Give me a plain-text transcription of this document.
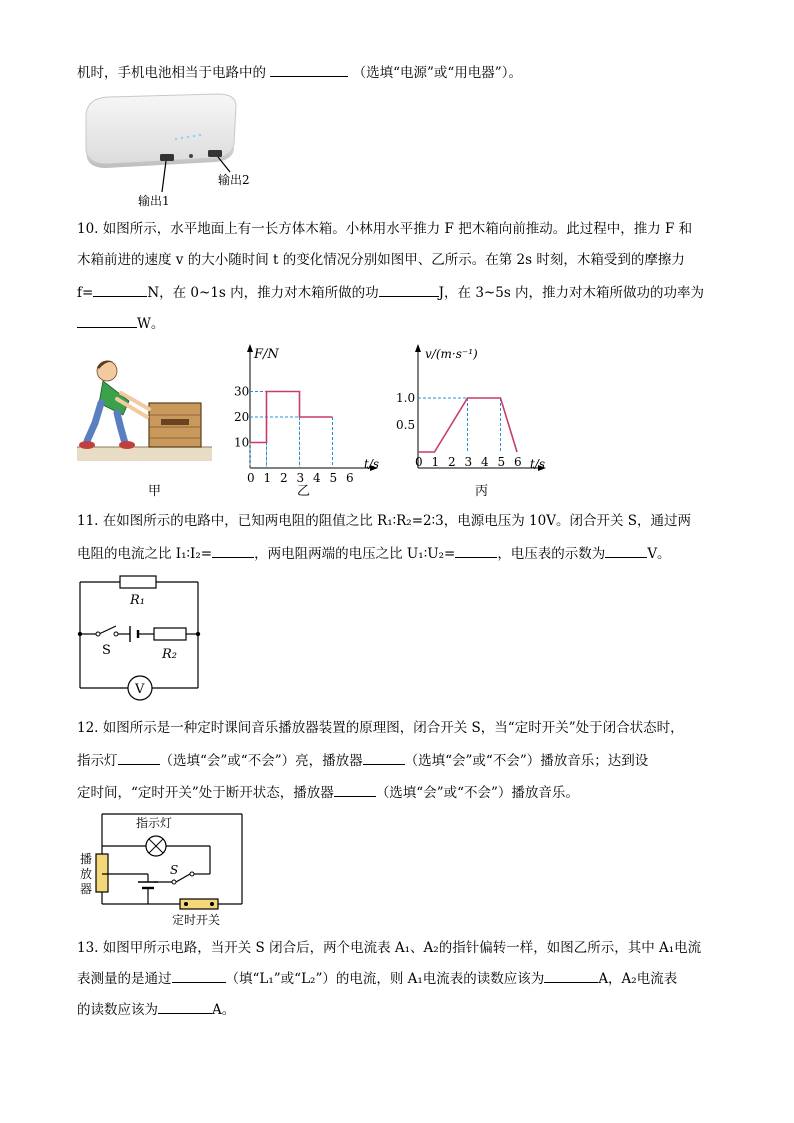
机时，手机电池相当于电路中的	（选填“电源”或“用电器”）。
输出1
输出2
10. 如图所示，水平地面上有一长方体木箱。小林用水平推力 F 把木箱向前推动。此过程中，推力 F 和
木箱前进的速度 v 的大小随时间 t 的变化情况分别如图甲、乙所示。在第 2s 时刻，木箱受到的摩擦力
f=	N，在 0~1s 内，推力对木箱所做的功	J，在 3~5s 内，推力对木箱所做功的功率为
W。
F/N
t/s
0 1 2 3 4 5 6
10
20
30
v/(m·s⁻¹)
t/s
0 1 2 3 4 5 6
0.5
1.0
甲	乙	丙
11. 在如图所示的电路中，已知两电阻的阻值之比 R₁∶R₂=2∶3，电源电压为 10V。闭合开关 S，通过两
电阻的电流之比 I₁∶I₂=	，两电阻两端的电压之比 U₁∶U₂=	，电压表的示数为	V。
V
R₁
R₂
S
12. 如图所示是一种定时课间音乐播放器装置的原理图，闭合开关 S，当“定时开关”处于闭合状态时，
指示灯	（选填“会”或“不会”）亮，播放器	（选填“会”或“不会”）播放音乐；达到设
定时间，“定时开关”处于断开状态，播放器	（选填“会”或“不会”）播放音乐。
指示灯
S
定时开关
播放器
13. 如图甲所示电路，当开关 S 闭合后，两个电流表 A₁、A₂的指针偏转一样，如图乙所示，其中 A₁电流
表测量的是通过	（填“L₁”或“L₂”）的电流，则 A₁电流表的读数应该为	A，A₂电流表
的读数应该为	A。
